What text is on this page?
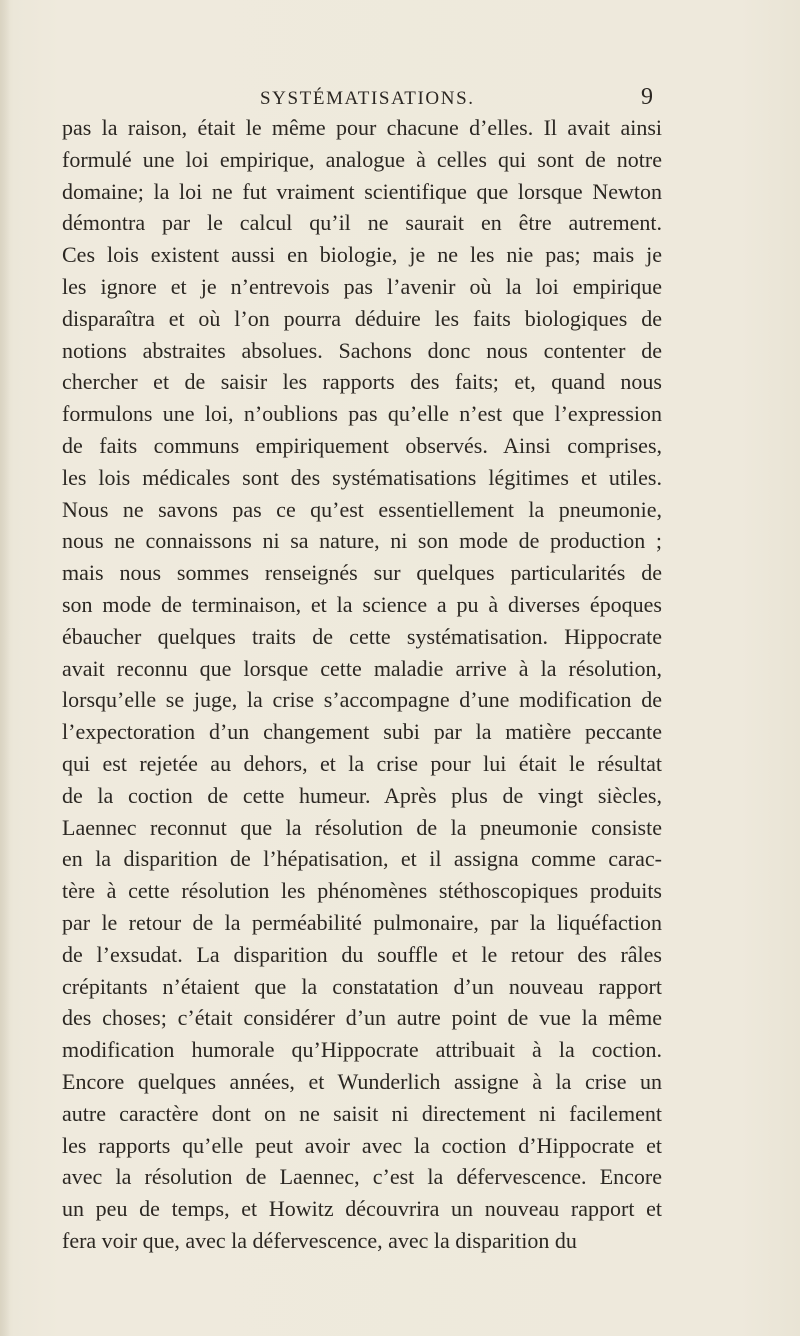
SYSTÉMATISATIONS.	9
pas la raison, était le même pour chacune d’elles. Il avait ainsi
formulé une loi empirique, analogue à celles qui sont de notre
domaine; la loi ne fut vraiment scientifique que lorsque Newton
démontra par le calcul qu’il ne saurait en être autrement.
Ces lois existent aussi en biologie, je ne les nie pas; mais je
les ignore et je n’entrevois pas l’avenir où la loi empirique
disparaîtra et où l’on pourra déduire les faits biologiques de
notions abstraites absolues. Sachons donc nous contenter de
chercher et de saisir les rapports des faits; et, quand nous
formulons une loi, n’oublions pas qu’elle n’est que l’expression
de faits communs empiriquement observés. Ainsi comprises,
les lois médicales sont des systématisations légitimes et utiles.
Nous ne savons pas ce qu’est essentiellement la pneumonie,
nous ne connaissons ni sa nature, ni son mode de production ;
mais nous sommes renseignés sur quelques particularités de
son mode de terminaison, et la science a pu à diverses époques
ébaucher quelques traits de cette systématisation. Hippocrate
avait reconnu que lorsque cette maladie arrive à la résolution,
lorsqu’elle se juge, la crise s’accompagne d’une modification de
l’expectoration d’un changement subi par la matière peccante
qui est rejetée au dehors, et la crise pour lui était le résultat
de la coction de cette humeur. Après plus de vingt siècles,
Laennec reconnut que la résolution de la pneumonie consiste
en la disparition de l’hépatisation, et il assigna comme carac-
tère à cette résolution les phénomènes stéthoscopiques produits
par le retour de la perméabilité pulmonaire, par la liquéfaction
de l’exsudat. La disparition du souffle et le retour des râles
crépitants n’étaient que la constatation d’un nouveau rapport
des choses; c’était considérer d’un autre point de vue la même
modification humorale qu’Hippocrate attribuait à la coction.
Encore quelques années, et Wunderlich assigne à la crise un
autre caractère dont on ne saisit ni directement ni facilement
les rapports qu’elle peut avoir avec la coction d’Hippocrate et
avec la résolution de Laennec, c’est la défervescence. Encore
un peu de temps, et Howitz découvrira un nouveau rapport et
fera voir que, avec la défervescence, avec la disparition du
